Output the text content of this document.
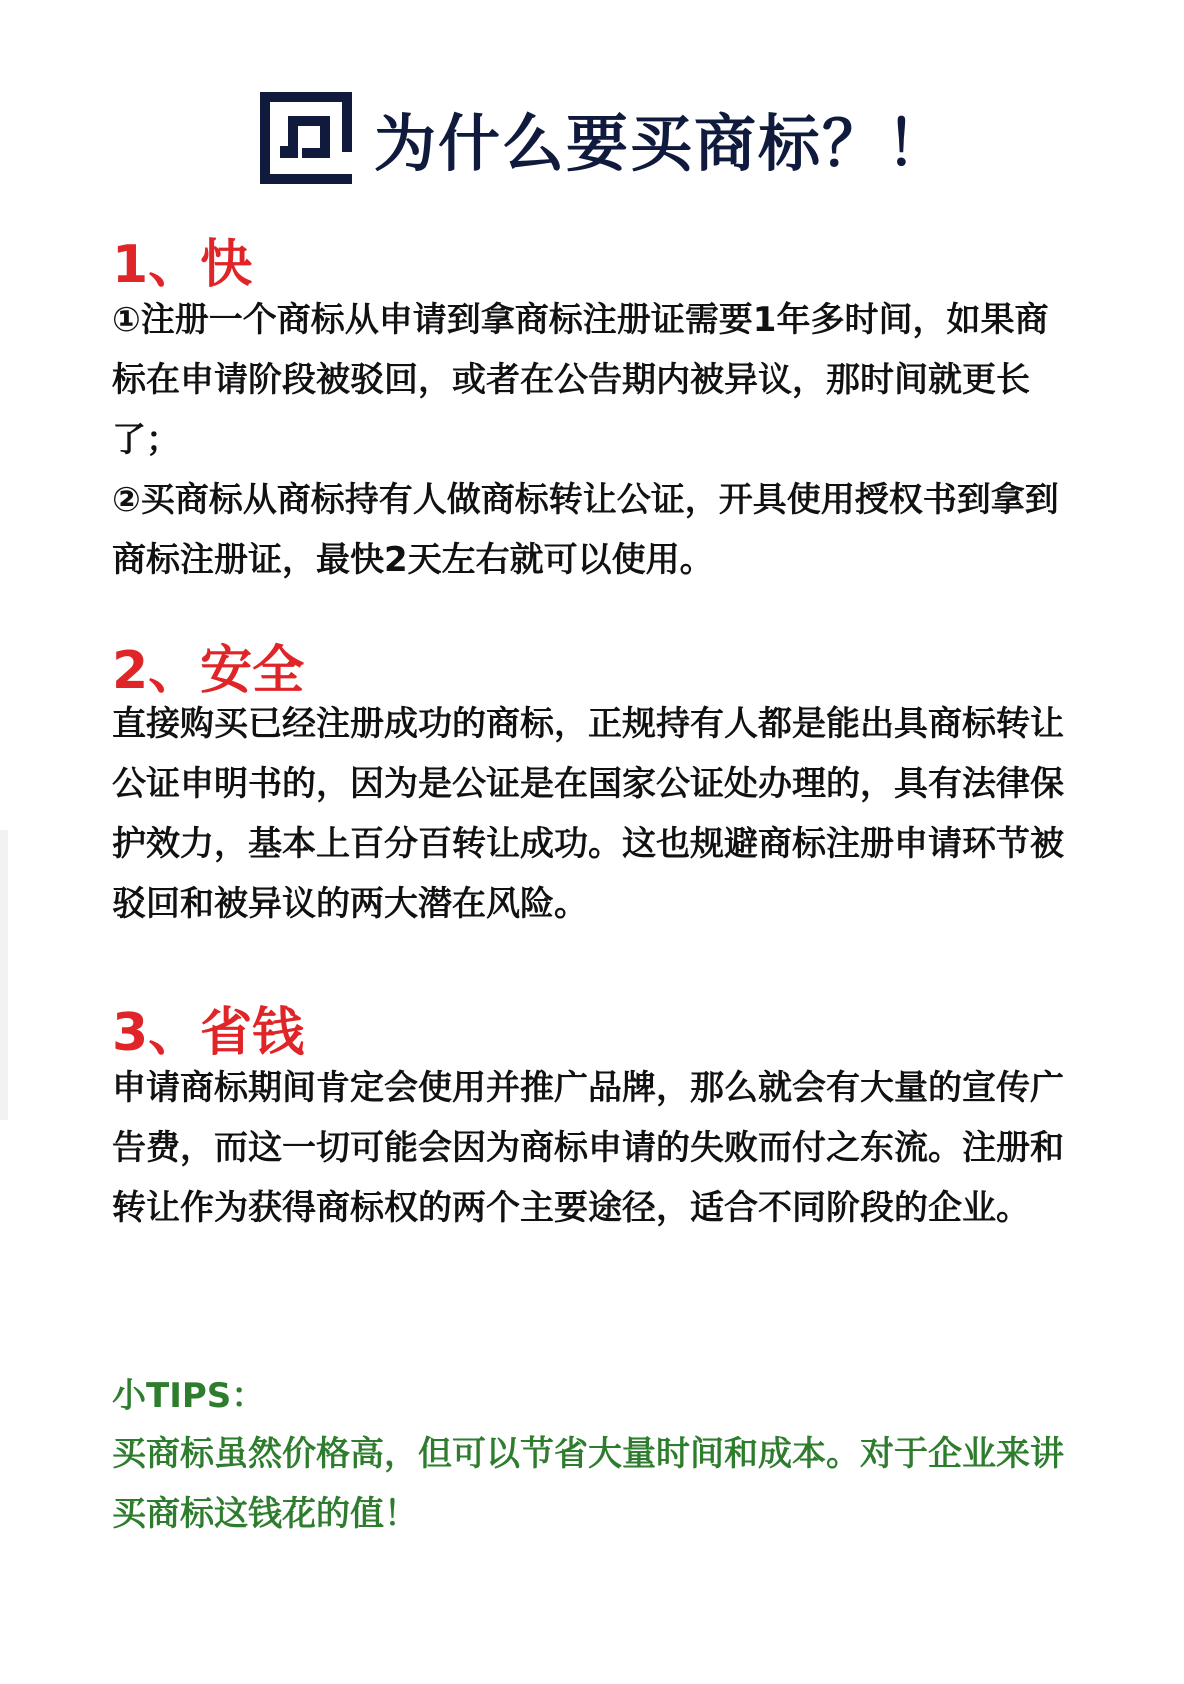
为什么要买商标？！
1、快

①注册一个商标从申请到拿商标注册证需要1年多时间，如果商标在申请阶段被驳回，或者在公告期内被异议，那时间就更长了；

②买商标从商标持有人做商标转让公证，开具使用授权书到拿到商标注册证，最快2天左右就可以使用。

2、安全

直接购买已经注册成功的商标，正规持有人都是能出具商标转让公证申明书的，因为是公证是在国家公证处办理的，具有法律保护效力，基本上百分百转让成功。这也规避商标注册申请环节被驳回和被异议的两大潜在风险。

3、省钱

申请商标期间肯定会使用并推广品牌，那么就会有大量的宣传广告费，而这一切可能会因为商标申请的失败而付之东流。注册和转让作为获得商标权的两个主要途径，适合不同阶段的企业。

小TIPS：
买商标虽然价格高，但可以节省大量时间和成本。对于企业来讲买商标这钱花的值！
